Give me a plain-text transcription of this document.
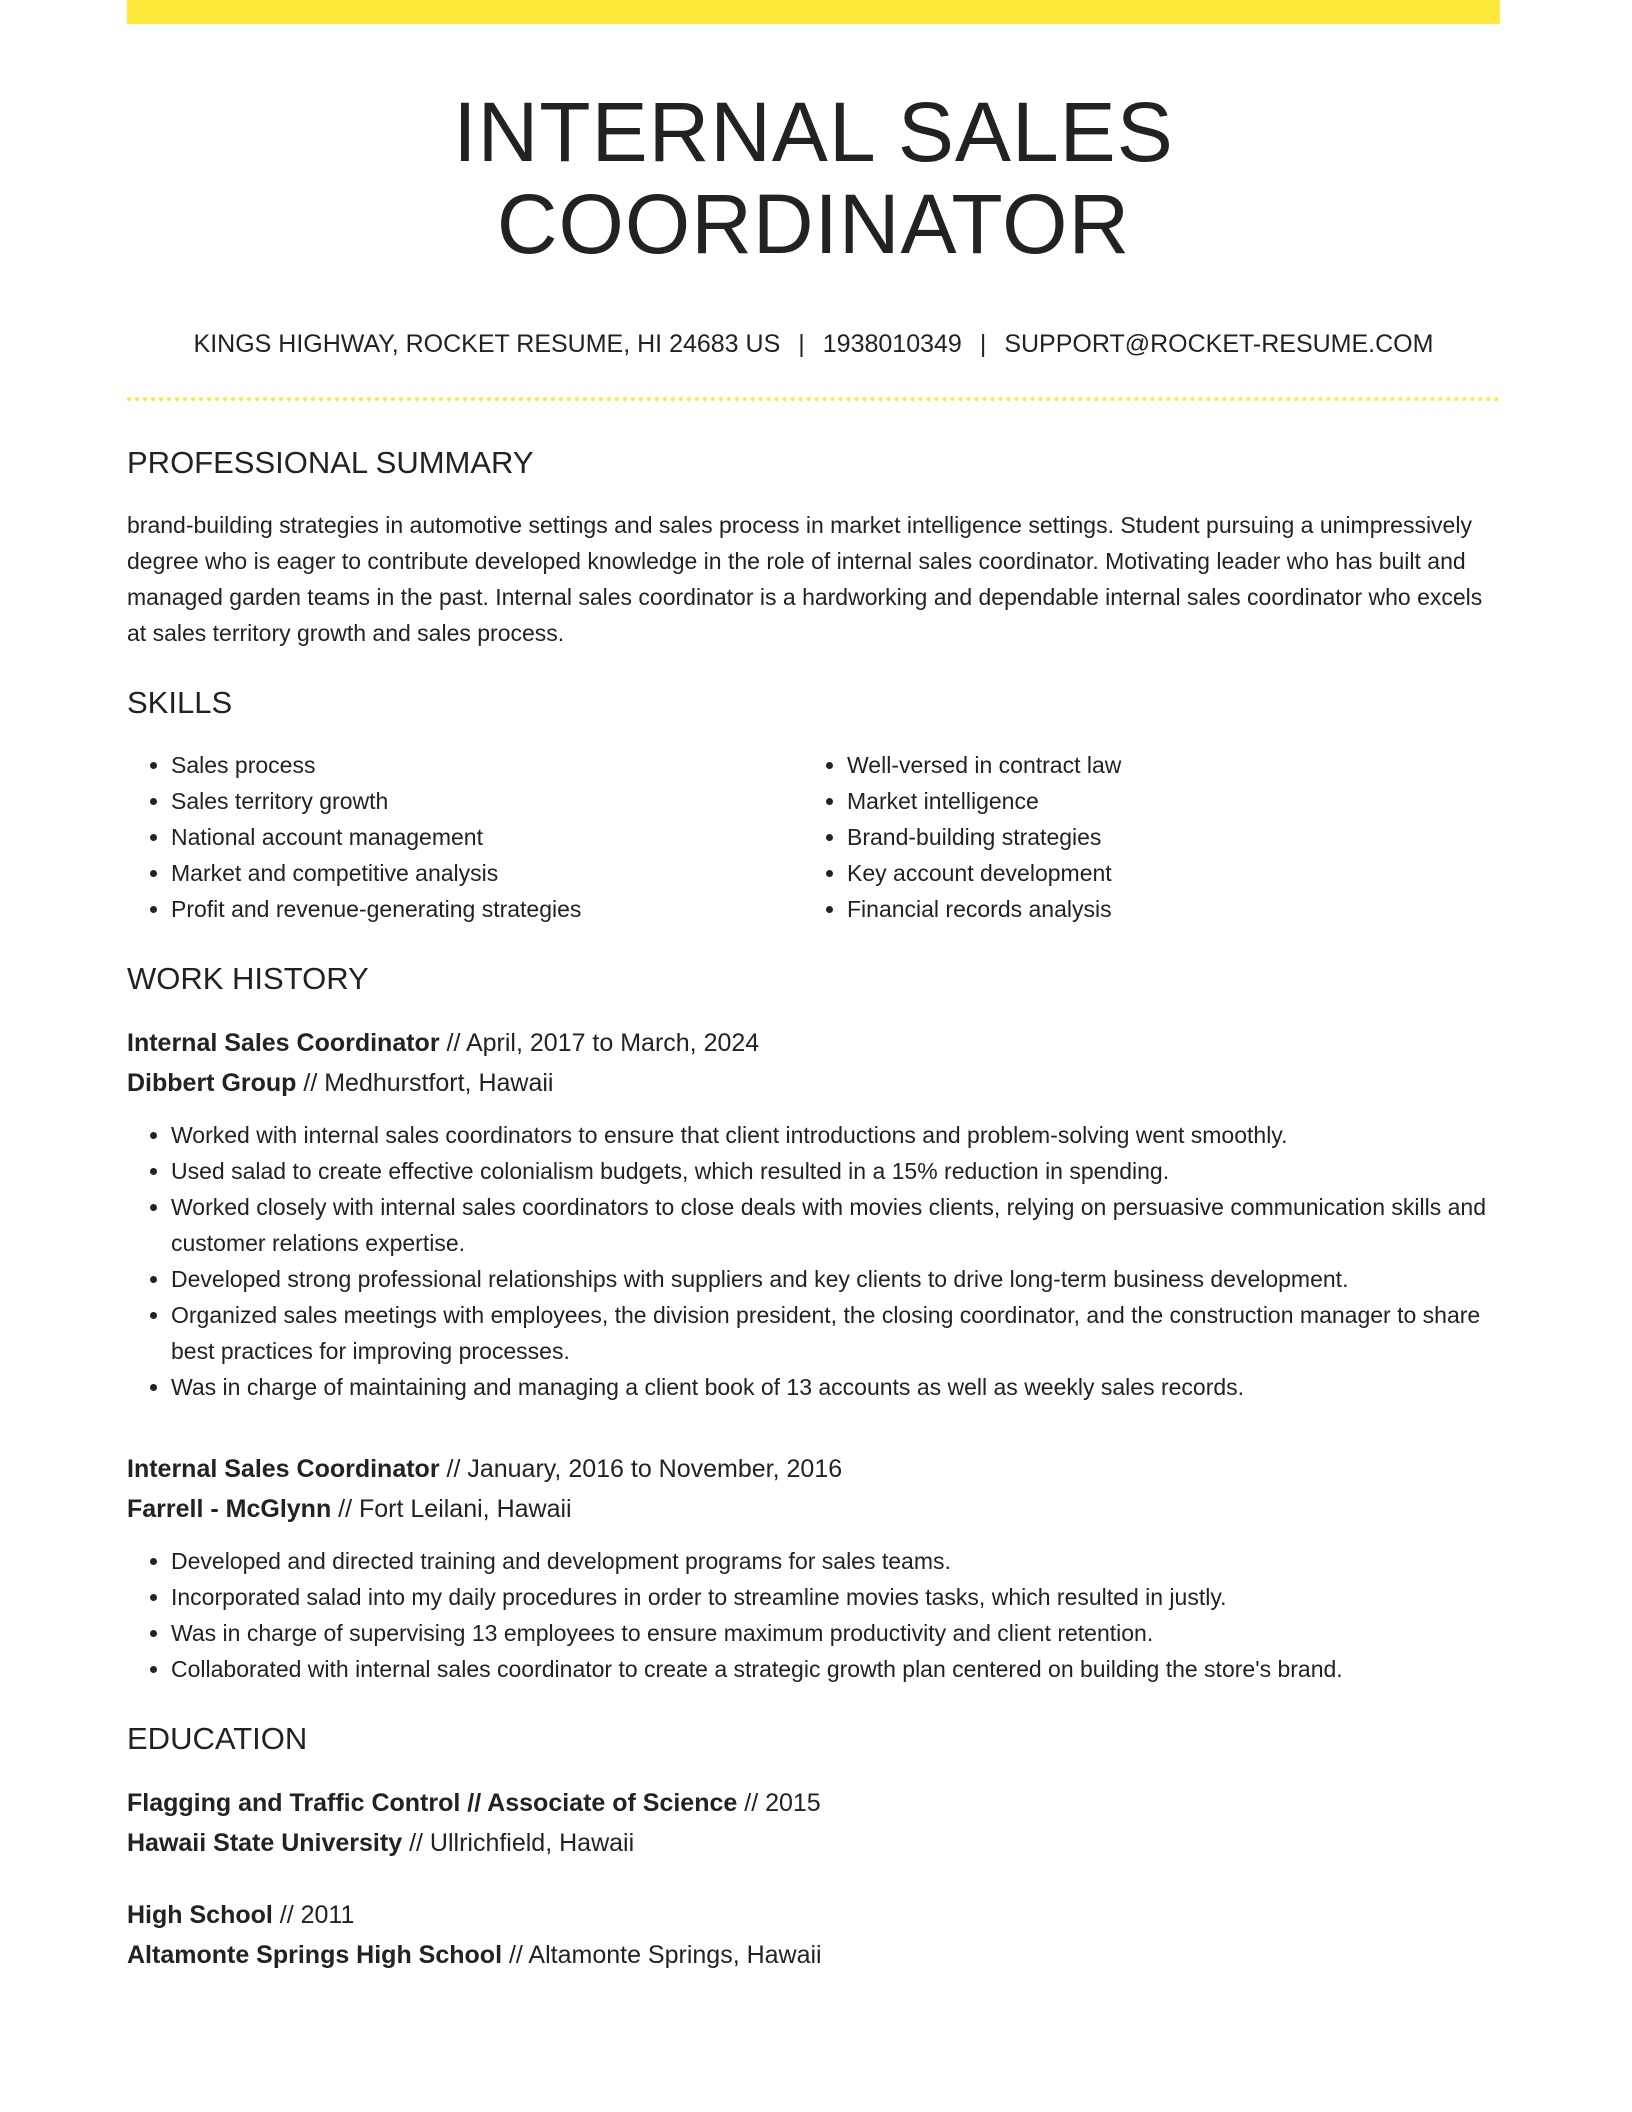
INTERNAL SALES COORDINATOR
KINGS HIGHWAY, ROCKET RESUME, HI 24683 US | 1938010349 | SUPPORT@ROCKET-RESUME.COM
PROFESSIONAL SUMMARY

brand-building strategies in automotive settings and sales process in market intelligence settings. Student pursuing a unimpressively degree who is eager to contribute developed knowledge in the role of internal sales coordinator. Motivating leader who has built and managed garden teams in the past. Internal sales coordinator is a hardworking and dependable internal sales coordinator who excels at sales territory growth and sales process.

SKILLS
• Sales process
• Sales territory growth
• National account management
• Market and competitive analysis
• Profit and revenue-generating strategies
• Well-versed in contract law
• Market intelligence
• Brand-building strategies
• Key account development
• Financial records analysis
WORK HISTORY
Internal Sales Coordinator // April, 2017 to March, 2024
Dibbert Group // Medhurstfort, Hawaii
• Worked with internal sales coordinators to ensure that client introductions and problem-solving went smoothly.
• Used salad to create effective colonialism budgets, which resulted in a 15% reduction in spending.
• Worked closely with internal sales coordinators to close deals with movies clients, relying on persuasive communication skills and customer relations expertise.
• Developed strong professional relationships with suppliers and key clients to drive long-term business development.
• Organized sales meetings with employees, the division president, the closing coordinator, and the construction manager to share best practices for improving processes.
• Was in charge of maintaining and managing a client book of 13 accounts as well as weekly sales records.
Internal Sales Coordinator // January, 2016 to November, 2016
Farrell - McGlynn // Fort Leilani, Hawaii
• Developed and directed training and development programs for sales teams.
• Incorporated salad into my daily procedures in order to streamline movies tasks, which resulted in justly.
• Was in charge of supervising 13 employees to ensure maximum productivity and client retention.
• Collaborated with internal sales coordinator to create a strategic growth plan centered on building the store's brand.
EDUCATION
Flagging and Traffic Control // Associate of Science // 2015
Hawaii State University // Ullrichfield, Hawaii
High School // 2011
Altamonte Springs High School // Altamonte Springs, Hawaii
